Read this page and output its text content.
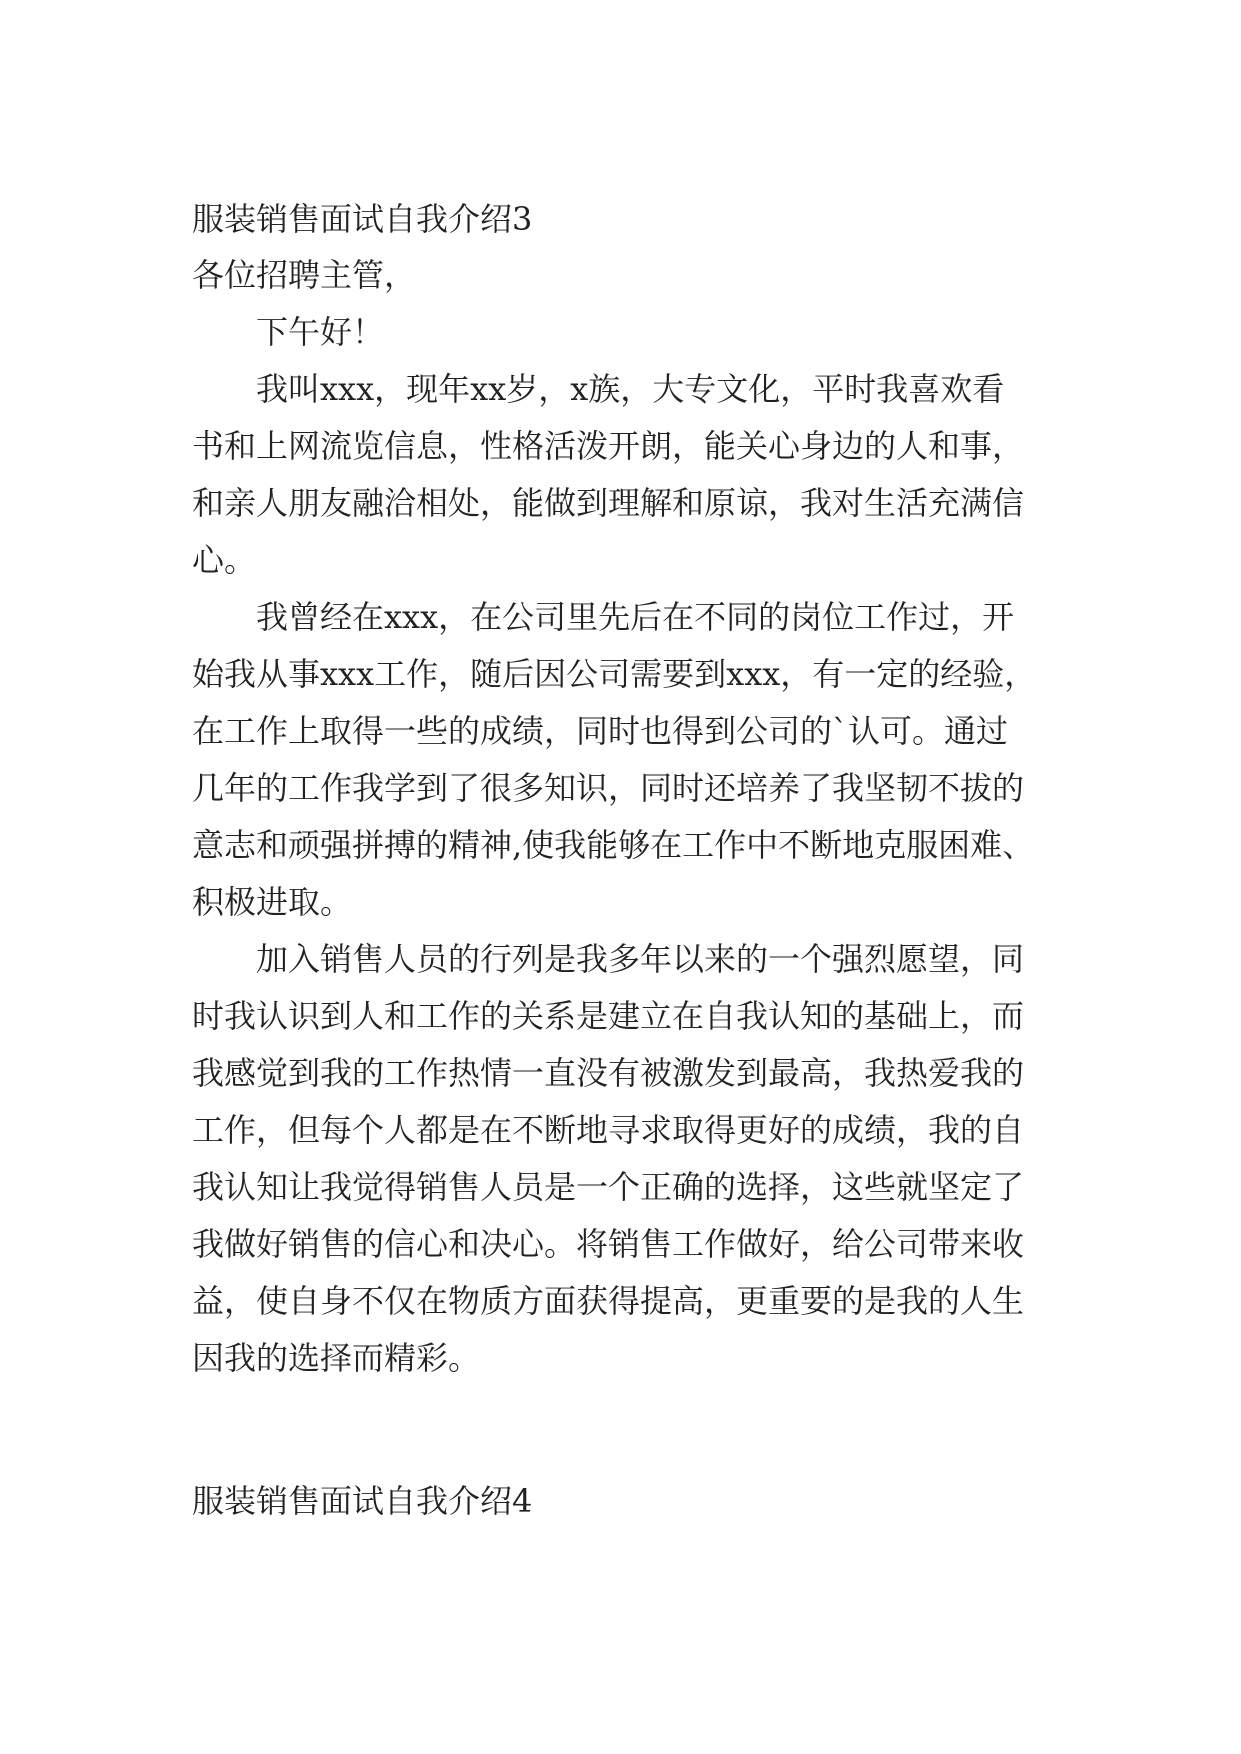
服装销售面试自我介绍3
各位招聘主管，
下午好！
我叫xxx，现年xx岁，x族，大专文化，平时我喜欢看
书和上网流览信息，性格活泼开朗，能关心身边的人和事，
和亲人朋友融洽相处，能做到理解和原谅，我对生活充满信
心。
我曾经在xxx，在公司里先后在不同的岗位工作过，开
始我从事xxx工作，随后因公司需要到xxx，有一定的经验，
在工作上取得一些的成绩，同时也得到公司的`认可。通过
几年的工作我学到了很多知识，同时还培养了我坚韧不拔的
意志和顽强拼搏的精神,使我能够在工作中不断地克服困难、
积极进取。
加入销售人员的行列是我多年以来的一个强烈愿望，同
时我认识到人和工作的关系是建立在自我认知的基础上，而
我感觉到我的工作热情一直没有被激发到最高，我热爱我的
工作，但每个人都是在不断地寻求取得更好的成绩，我的自
我认知让我觉得销售人员是一个正确的选择，这些就坚定了
我做好销售的信心和决心。将销售工作做好，给公司带来收
益，使自身不仅在物质方面获得提高，更重要的是我的人生
因我的选择而精彩。
服装销售面试自我介绍4
